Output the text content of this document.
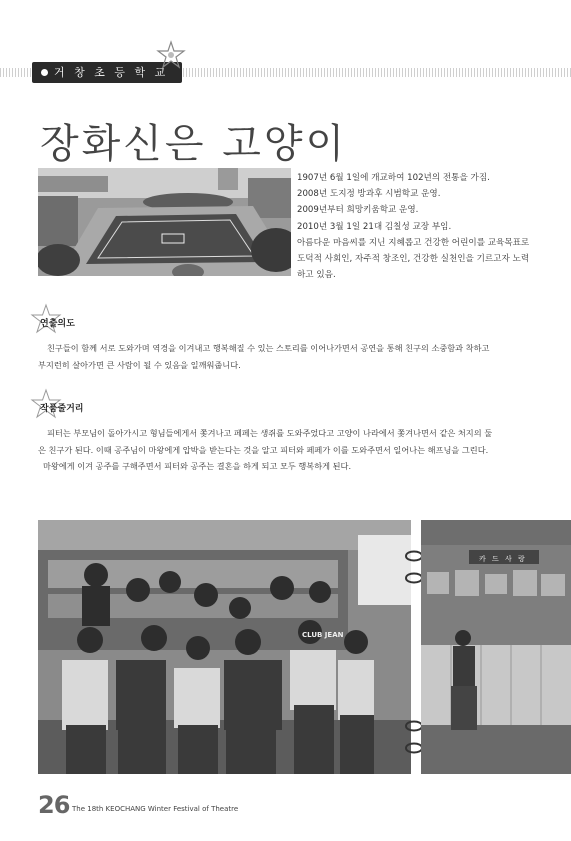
거 창 초 등 학 교
장화신은 고양이
1907년 6월 1일에 개교하여 102년의 전통을 가짐.
2008년 도지정 방과후 시범학교 운영.
2009년부터 희망키움학교 운영.
2010년 3월 1일 21대 김칠성 교장 부임.
아름다운 마음씨를 지닌 지혜롭고 건강한 어린이를 교육목표로
도덕적 사회인, 자주적 창조인, 건강한 실천인을 기르고자 노력
하고 있음.
연출의도
친구들이 함께 서로 도와가며 역경을 이겨내고 행복해질 수 있는 스토리를 이어나가면서 공연을 통해 친구의 소중함과 착하고
부지런히 살아가면 큰 사람이 될 수 있음을 일깨워줍니다.
작품줄거리
피터는 부모님이 돌아가시고 형님들에게서 쫓겨나고 페페는 생쥐를 도와주었다고 고양이 나라에서 쫓겨나면서 같은 처지의 둘
은 친구가 된다. 이때 공주님이 마왕에게 압박을 받는다는 것을 알고 피터와 페페가 이를 도와주면서 일어나는 해프닝을 그린다.
마왕에게 이겨 공주를 구해주면서 피터와 공주는 결혼을 하게 되고 모두 행복하게 된다.
CLUB JEAN
카 드 사 랑
26 The 18th KEOCHANG Winter Festival of Theatre
